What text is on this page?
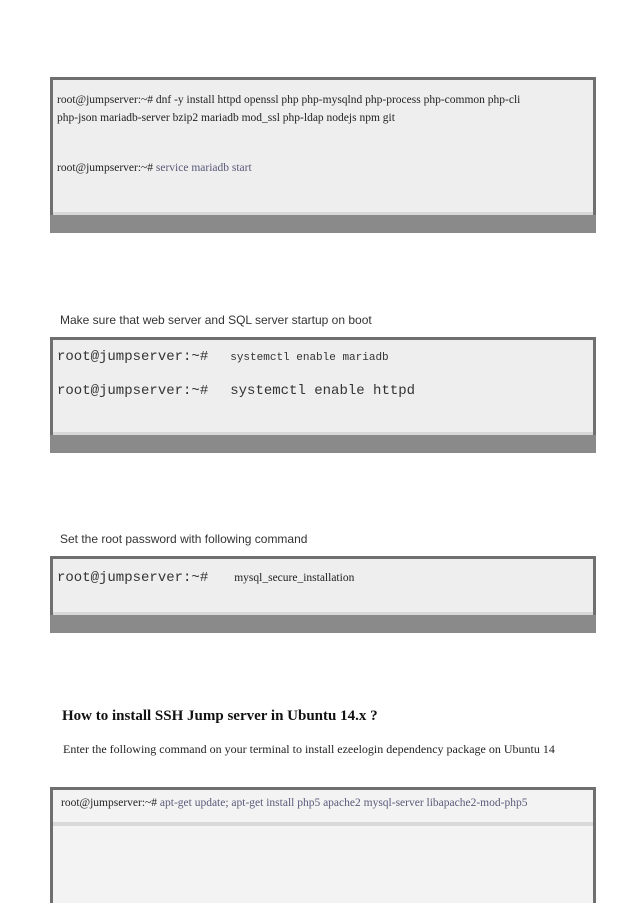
root@jumpserver:~# dnf -y install httpd openssl php php-mysqlnd php-process php-common php-cli
php-json mariadb-server bzip2 mariadb mod_ssl php-ldap nodejs npm git
root@jumpserver:~# service mariadb start
Make sure that web server and SQL server startup on boot
root@jumpserver:~# systemctl enable mariadb
root@jumpserver:~# systemctl enable httpd
Set the root password with following command
root@jumpserver:~# mysql_secure_installation
How to install SSH Jump server in Ubuntu 14.x ?
Enter the following command on your terminal to install ezeelogin dependency package on Ubuntu 14
root@jumpserver:~# apt-get update; apt-get install php5 apache2 mysql-server libapache2-mod-php5
